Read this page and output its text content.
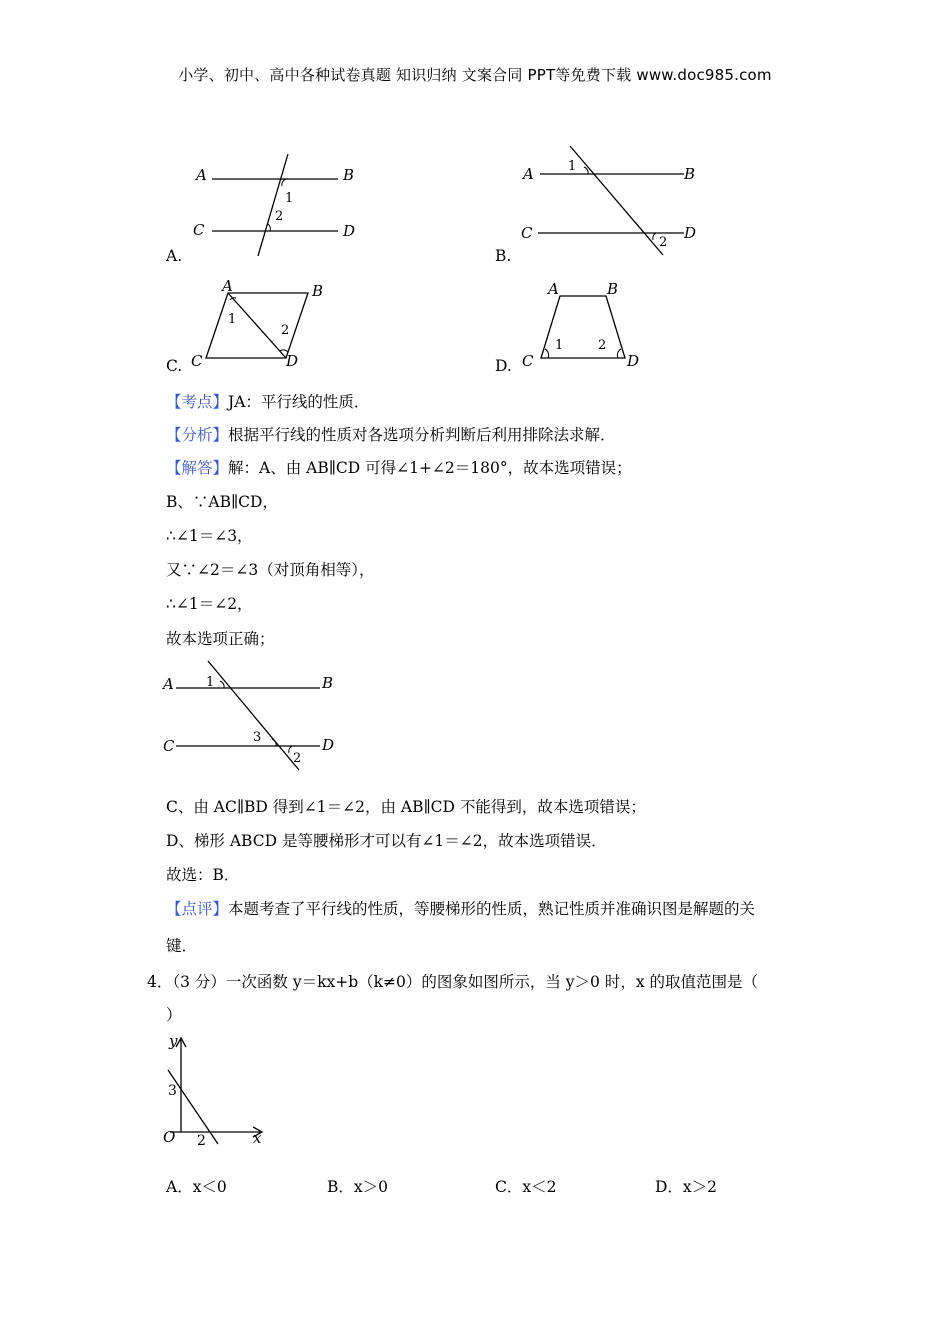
小学、初中、高中各种试卷真题 知识归纳 文案合同 PPT等免费下载 www.doc985.com
A	B
C	D
1
2
A.
A	B
C	D
1
2
B.
A	B
C	D
1
2
C.
A	B
C	D
1	2
D.
【考点】JA：平行线的性质．
【分析】根据平行线的性质对各选项分析判断后利用排除法求解．
【解答】解：A、由 AB∥CD 可得∠1+∠2＝180°，故本选项错误；
B、∵AB∥CD，
∴∠1＝∠3，
又∵∠2＝∠3（对顶角相等），
∴∠1＝∠2，
故本选项正确；
A	B
C	D
1
3
2
C、由 AC∥BD 得到∠1＝∠2，由 AB∥CD 不能得到，故本选项错误；
D、梯形 ABCD 是等腰梯形才可以有∠1＝∠2，故本选项错误．
故选：B．
【点评】本题考查了平行线的性质，等腰梯形的性质，熟记性质并准确识图是解题的关
键．
4．（3 分）一次函数 y＝kx+b（k≠0）的图象如图所示，当 y＞0 时，x 的取值范围是（
）
y
x
O
3
2
A．x＜0	B．x＞0	C．x＜2	D．x＞2
